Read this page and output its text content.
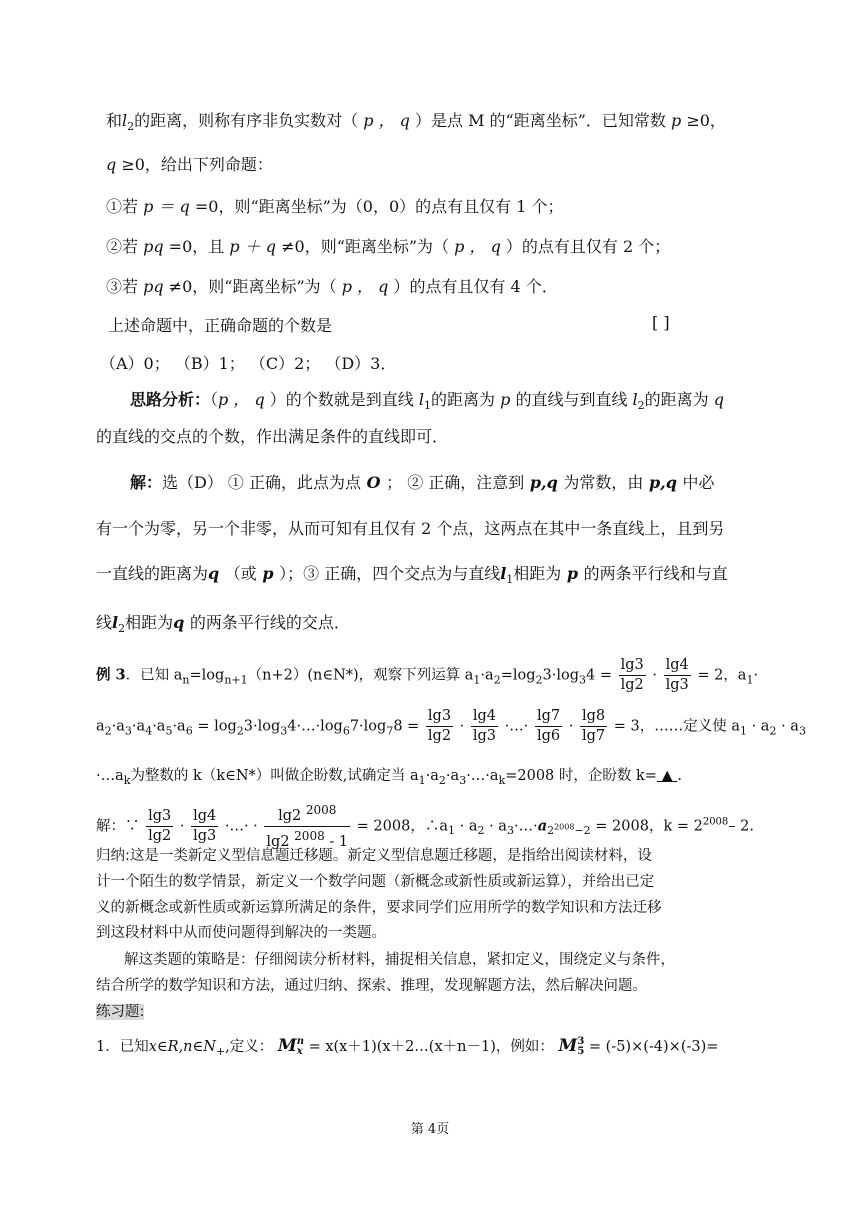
和$l_2$的距离，则称有序非负实数对（ p ， q ）是点 M 的“距离坐标”．已知常数 p ≥0，
q ≥0，给出下列命题：
①若 p ＝ q =0，则“距离坐标”为（0，0）的点有且仅有 1 个；
②若 pq =0，且 p ＋ q ≠0，则“距离坐标”为（ p ， q ）的点有且仅有 2 个；
③若 pq ≠0，则“距离坐标”为（ p ， q ）的点有且仅有 4 个．
上述命题中，正确命题的个数是	[ ]
（A）0； （B）1； （C）2； （D）3．
思路分析：（p ， q ）的个数就是到直线 $l_1$的距离为 p 的直线与到直线 $l_2$的距离为 q
的直线的交点的个数，作出满足条件的直线即可．
解：选（D） ① 正确，此点为点 O ； ② 正确，注意到 p,q 为常数，由 p,q 中必
有一个为零，另一个非零，从而可知有且仅有 2 个点，这两点在其中一条直线上，且到另
一直线的距离为q （或 p ）；③ 正确，四个交点为与直线$l_1$相距为 p 的两条平行线和与直
线$l_2$相距为q 的两条平行线的交点．
例 3．已知 $a_n=\log_{n+1}(n+2)(n\in N*)$，观察下列运算 $a_1\cdot a_2=\log_23\cdot\log_34 = \frac{\lg 3}{\lg 2} \cdot \frac{\lg 4}{\lg 3} = 2$，$a_1\cdot$
$a_2\cdot a_3\cdot a_4\cdot a_5\cdot a_6$ = $\log_23\cdot\log_34\cdot\dots\cdot\log_67\cdot\log_78 = \frac{\lg 3}{\lg 2} \cdot \frac{\lg 4}{\lg 3}$ ·…· $\frac{\lg 7}{\lg 6} \cdot \frac{\lg 8}{\lg 7} = 3$，……定义使 $a_1 \cdot a_2 \cdot a_3$
$\cdot\dots a_k$为整数的 k（k∈N*）叫做企盼数,试确定当 $a_1\cdot a_2\cdot a_3\cdot\dots\cdot a_k=2008$ 时，企盼数 k= ▲ .
解：∵ $\frac{\lg 3}{\lg 2} \cdot \frac{\lg 4}{\lg 3}$ ·…· · $\frac{\lg 2 ^{2008}}{\lg 2 ^{2008} - 1} = 2008$，$\therefore a_1 \cdot a_2$ · $a_3\cdot\dots\cdot a_{2^{2008}-2} = 2008$，$k = 2^{2008}-$ 2.
归纳:这是一类新定义型信息题迁移题。新定义型信息题迁移题，是指给出阅读材料，设
计一个陌生的数学情景，新定义一个数学问题（新概念或新性质或新运算），并给出已定
义的新概念或新性质或新运算所满足的条件，要求同学们应用所学的数学知识和方法迁移
到这段材料中从而使问题得到解决的一类题。
解这类题的策略是：仔细阅读分析材料，捕捉相关信息，紧扣定义，围绕定义与条件，
结合所学的数学知识和方法，通过归纳、探索、推理，发现解题方法，然后解决问题。
练习题:
1．已知$x\in R,n\in N_+$,定义： M n
x = x(x＋1)(x＋2…(x＋n－1)，例如： M 3
5 = (-5)×(-4)×(-3)=
第 4页
